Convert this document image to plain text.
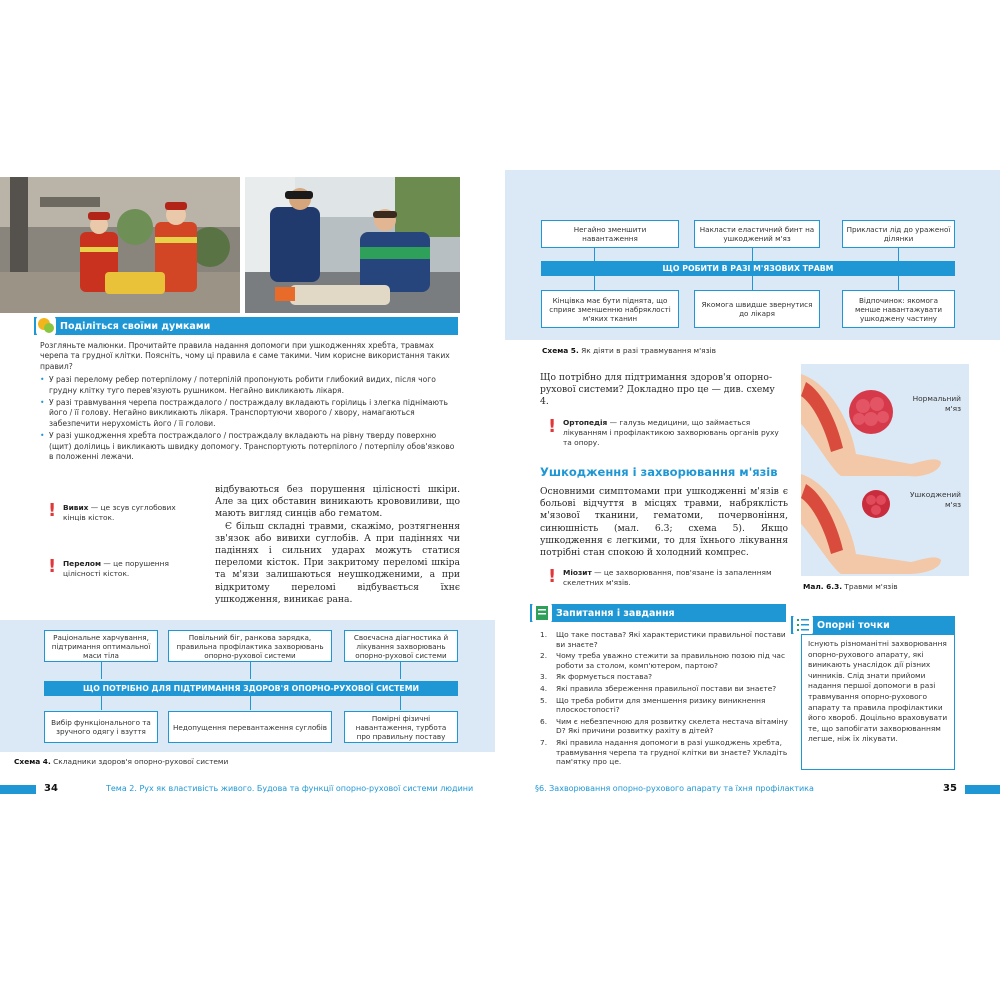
Поділіться своїми думками

Розгляньте малюнки. Прочитайте правила надання допомоги при ушкодженнях хребта, травмах черепа та грудної клітки. Поясніть, чому ці правила є саме такими. Чим корисне використання таких правил?

• У разі перелому ребер потерпілому / потерпілій пропонують робити глибокий видих, після чого грудну клітку туго перев'язують рушником. Негайно викликають лікаря.

• У разі травмування черепа постраждалого / постраждалу вкладають горілиць і злегка піднімають його / її голову. Негайно викликають лікаря. Транспортуючи хворого / хвору, намагаються забезпечити нерухомість його / її голови.

• У разі ушкодження хребта постраждалого / постраждалу вкладають на рівну тверду поверхню (щит) долілиць і викликають швидку допомогу. Транспортують потерпілого / потерпілу обов'язково в положенні лежачи.

! Вивих — це зсув суглобових кінців кісток.
! Перелом — це порушення цілісності кісток.

відбуваються без порушення цілісності шкіри. Але за цих обставин виникають крововиливи, що мають вигляд синців або гематом.

Є більш складні травми, скажімо, розтягнення зв'язок або вивихи суглобів. А при падіннях чи падіннях і сильних ударах можуть статися переломи кісток. При закритому переломі шкіра та м'язи залишаються неушкодженими, а при відкритому переломі відбувається їхнє ушкодження, виникає рана.

Раціональне харчування, підтримання оптимальної маси тіла
Повільний біг, ранкова зарядка, правильна профілактика захворювань опорно-рухової системи
Своєчасна діагностика й лікування захворювань опорно-рухової системи
ЩО ПОТРІБНО ДЛЯ ПІДТРИМАННЯ ЗДОРОВ'Я ОПОРНО-РУХОВОЇ СИСТЕМИ
Вибір функціонального та зручного одягу і взуття	Недопущення перевантаження суглобів
Помірні фізичні навантаження, турбота про правильну поставу
Схема 4. Складники здоров'я опорно-рухової системи
34	Тема 2. Рух як властивість живого. Будова та функції опорно-рухової системи людини
Негайно зменшити навантаження
Накласти еластичний бинт на ушкоджений м'яз
Прикласти лід до ураженої ділянки
ЩО РОБИТИ В РАЗІ М'ЯЗОВИХ ТРАВМ
Кінцівка має бути піднята, що сприяє зменшенню набряклості м'яких тканин
Якомога швидше звернутися до лікаря
Відпочинок: якомога менше навантажувати ушкоджену частину
Схема 5. Як діяти в разі травмування м'язів
Що потрібно для підтримання здоров'я опорно-рухової системи? Докладно про це — див. схему 4.
! Ортопедія — галузь медицини, що займається лікуванням і профілактикою захворювань органів руху та опору.
Ушкодження і захворювання м'язів
Основними симптомами при ушкодженні м'язів є больові відчуття в місцях травми, набряклість м'язової тканини, гематоми, почервоніння, синюшність (мал. 6.3; схема 5). Якщо ушкодження є легкими, то для їхнього лікування потрібні стан спокою й холодний компрес.
! Міозит — це захворювання, пов'язане із запаленням скелетних м'язів.
Нормальний м'яз
Ушкоджений м'яз
Мал. 6.3. Травми м'язів
Запитання і завдання
1. Що таке постава? Які характеристики правильної постави ви знаєте?
2. Чому треба уважно стежити за правильною позою під час роботи за столом, комп'ютером, партою?
3. Як формується постава?
4. Які правила збереження правильної постави ви знаєте?
5. Що треба робити для зменшення ризику виникнення плоскостопості?
6. Чим є небезпечною для розвитку скелета нестача вітаміну D? Які причини розвитку рахіту в дітей?
7. Які правила надання допомоги в разі ушкоджень хребта, травмування черепа та грудної клітки ви знаєте? Укладіть пам'ятку про це.
Опорні точки

Існують різноманітні захворювання опорно-рухового апарату, які виникають унаслідок дії різних чинників. Слід знати прийоми надання першої допомоги в разі травмування опорно-рухового апарату та правила профілактики його хвороб. Доцільно враховувати те, що запобігати захворюванням легше, ніж їх лікувати.

§6. Захворювання опорно-рухового апарату та їхня профілактика	35
